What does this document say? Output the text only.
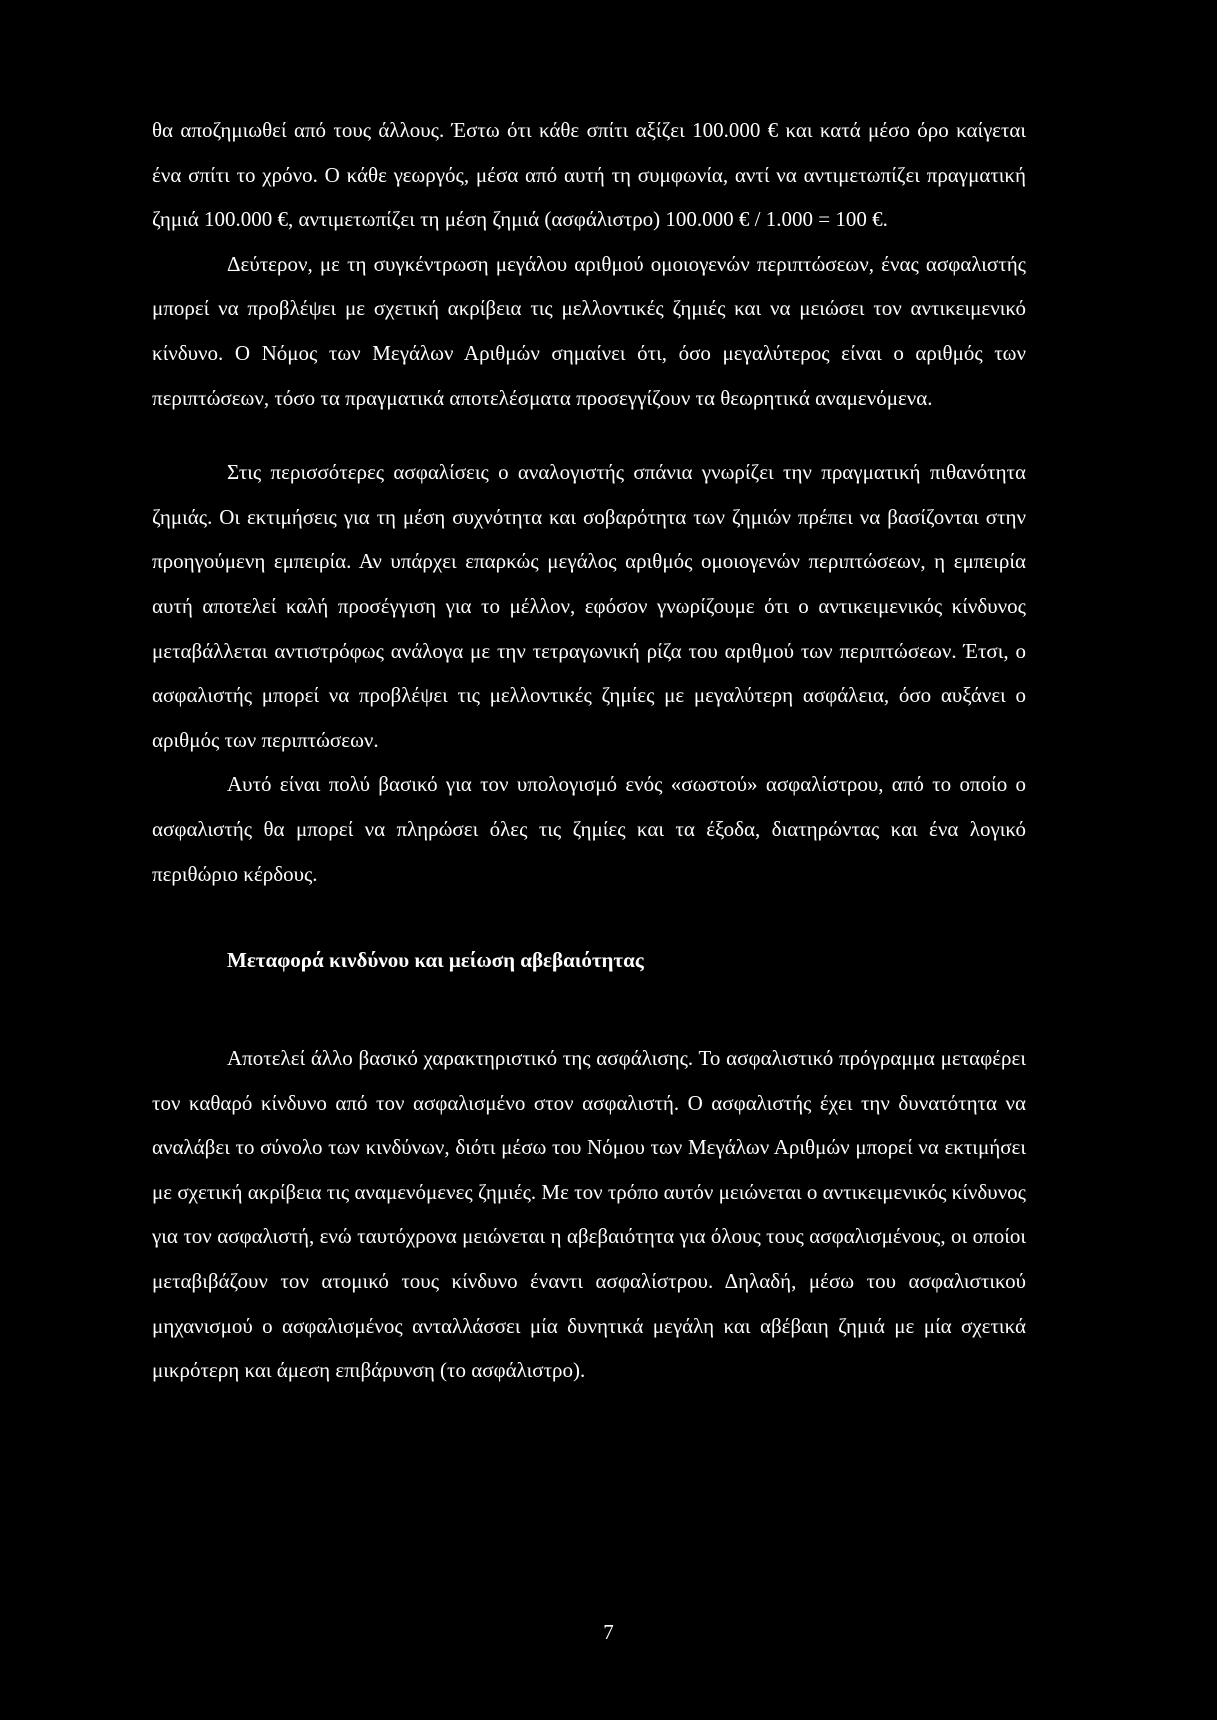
θα αποζημιωθεί από τους άλλους. Έστω ότι κάθε σπίτι αξίζει 100.000 € και κατά μέσο όρο καίγεται ένα σπίτι το χρόνο. Ο κάθε γεωργός, μέσα από αυτή τη συμφωνία, αντί να αντιμετωπίζει πραγματική ζημιά 100.000 €, αντιμετωπίζει τη μέση ζημιά (ασφάλιστρο) 100.000 € / 1.000 = 100 €.

Δεύτερον, με τη συγκέντρωση μεγάλου αριθμού ομοιογενών περιπτώσεων, ένας ασφαλιστής μπορεί να προβλέψει με σχετική ακρίβεια τις μελλοντικές ζημιές και να μειώσει τον αντικειμενικό κίνδυνο. Ο Νόμος των Μεγάλων Αριθμών σημαίνει ότι, όσο μεγαλύτερος είναι ο αριθμός των περιπτώσεων, τόσο τα πραγματικά αποτελέσματα προσεγγίζουν τα θεωρητικά αναμενόμενα.

Στις περισσότερες ασφαλίσεις ο αναλογιστής σπάνια γνωρίζει την πραγματική πιθανότητα ζημιάς. Οι εκτιμήσεις για τη μέση συχνότητα και σοβαρότητα των ζημιών πρέπει να βασίζονται στην προηγούμενη εμπειρία. Αν υπάρχει επαρκώς μεγάλος αριθμός ομοιογενών περιπτώσεων, η εμπειρία αυτή αποτελεί καλή προσέγγιση για το μέλλον, εφόσον γνωρίζουμε ότι ο αντικειμενικός κίνδυνος μεταβάλλεται αντιστρόφως ανάλογα με την τετραγωνική ρίζα του αριθμού των περιπτώσεων. Έτσι, ο ασφαλιστής μπορεί να προβλέψει τις μελλοντικές ζημίες με μεγαλύτερη ασφάλεια, όσο αυξάνει ο αριθμός των περιπτώσεων.

Αυτό είναι πολύ βασικό για τον υπολογισμό ενός «σωστού» ασφαλίστρου, από το οποίο ο ασφαλιστής θα μπορεί να πληρώσει όλες τις ζημίες και τα έξοδα, διατηρώντας και ένα λογικό περιθώριο κέρδους.

Μεταφορά κινδύνου και μείωση αβεβαιότητας

Αποτελεί άλλο βασικό χαρακτηριστικό της ασφάλισης. Το ασφαλιστικό πρόγραμμα μεταφέρει τον καθαρό κίνδυνο από τον ασφαλισμένο στον ασφαλιστή. Ο ασφαλιστής έχει την δυνατότητα να αναλάβει το σύνολο των κινδύνων, διότι μέσω του Νόμου των Μεγάλων Αριθμών μπορεί να εκτιμήσει με σχετική ακρίβεια τις αναμενόμενες ζημιές. Με τον τρόπο αυτόν μειώνεται ο αντικειμενικός κίνδυνος για τον ασφαλιστή, ενώ ταυτόχρονα μειώνεται η αβεβαιότητα για όλους τους ασφαλισμένους, οι οποίοι μεταβιβάζουν τον ατομικό τους κίνδυνο έναντι ασφαλίστρου. Δηλαδή, μέσω του ασφαλιστικού μηχανισμού ο ασφαλισμένος ανταλλάσσει μία δυνητικά μεγάλη και αβέβαιη ζημιά με μία σχετικά μικρότερη και άμεση επιβάρυνση (το ασφάλιστρο).

7
